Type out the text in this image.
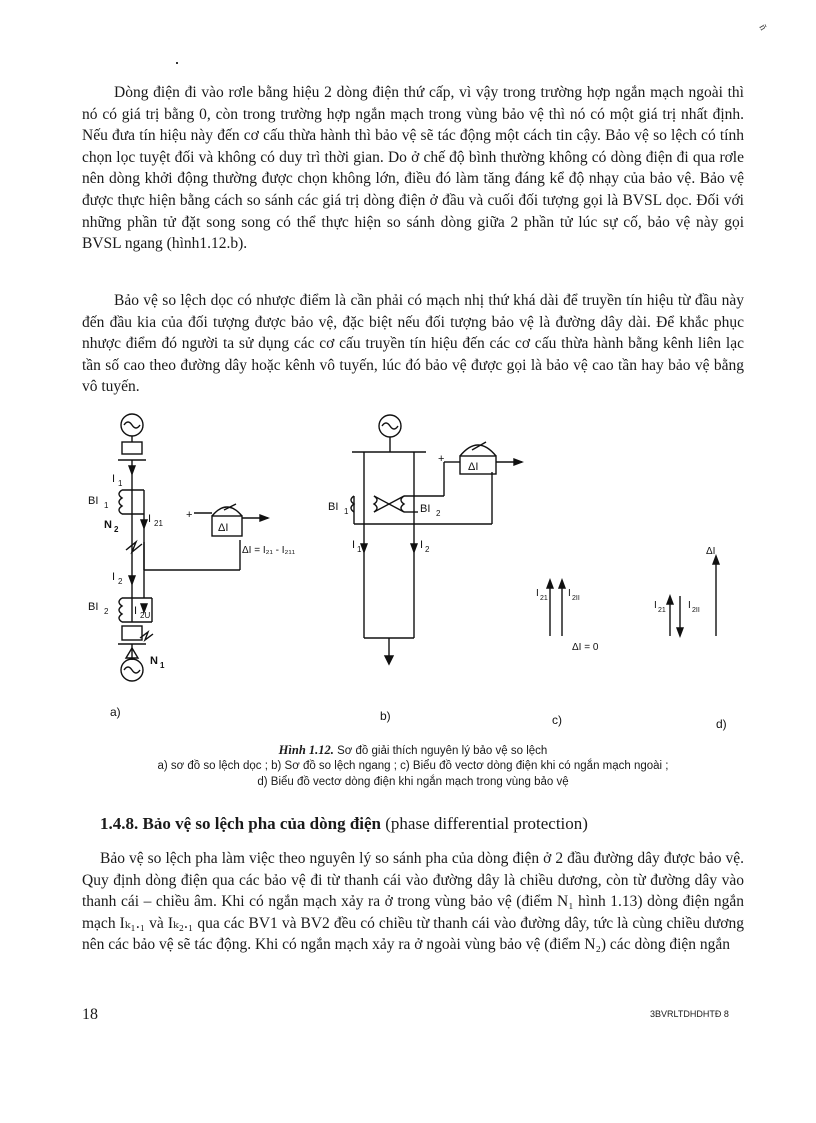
ñ

Dòng điện đi vào rơle bằng hiệu 2 dòng điện thứ cấp, vì vậy trong trường hợp ngắn mạch ngoài thì nó có giá trị bằng 0, còn trong trường hợp ngắn mạch trong vùng bảo vệ thì nó có một giá trị nhất định. Nếu đưa tín hiệu này đến cơ cấu thừa hành thì bảo vệ sẽ tác động một cách tin cậy. Bảo vệ so lệch có tính chọn lọc tuyệt đối và không có duy trì thời gian. Do ở chế độ bình thường không có dòng điện đi qua rơle nên dòng khởi động thường được chọn không lớn, điều đó làm tăng đáng kể độ nhạy của bảo vệ. Bảo vệ được thực hiện bằng cách so sánh các giá trị dòng điện ở đầu và cuối đối tượng gọi là BVSL dọc. Đối với những phần tử đặt song song có thể thực hiện so sánh dòng giữa 2 phần tử lúc sự cố, bảo vệ này gọi BVSL ngang (hình1.12.b).

Bảo vệ so lệch dọc có nhược điểm là cần phải có mạch nhị thứ khá dài để truyền tín hiệu từ đầu này đến đầu kia của đối tượng được bảo vệ, đặc biệt nếu đối tượng bảo vệ là đường dây dài. Để khắc phục nhược điểm đó người ta sử dụng các cơ cấu truyền tín hiệu đến các cơ cấu thừa hành bằng kênh liên lạc tần số cao theo đường dây hoặc kênh vô tuyến, lúc đó bảo vệ được gọi là bảo vệ cao tần hay bảo vệ bằng vô tuyến.

I 1
BI 1
N 2
I 21
+
ΔI
ΔI = I₂₁ - I₂₁₁
I 2
BI 2 I 2U
N 1
+
ΔI
BI 1	BI 2
I 1	I 2
I 21 I 2II
ΔI = 0
ΔI
I 21 I 2II
a)	b)	c)	d)
Hình 1.12. Sơ đồ giải thích nguyên lý bảo vệ so lệch
a) sơ đồ so lệch dọc ; b) Sơ đồ so lệch ngang ; c) Biểu đồ vectơ dòng điện khi có ngắn mạch ngoài ;
d) Biểu đồ vectơ dòng điện khi ngắn mạch trong vùng bảo vệ
1.4.8. Bảo vệ so lệch pha của dòng điện (phase differential protection)

Bảo vệ so lệch pha làm việc theo nguyên lý so sánh pha của dòng điện ở 2 đầu đường dây được bảo vệ. Quy định dòng điện qua các bảo vệ đi từ thanh cái vào đường dây là chiều dương, còn từ đường dây vào thanh cái – chiều âm. Khi có ngắn mạch xảy ra ở trong vùng bảo vệ (điểm N₁ hình 1.13) dòng điện ngắn mạch Iₖ₁.₁ và Iₖ₂.₁ qua các BV1 và BV2 đều có chiều từ thanh cái vào đường dây, tức là cùng chiều dương nên các bảo vệ sẽ tác động. Khi có ngắn mạch xảy ra ở ngoài vùng bảo vệ (điểm N₂) các dòng điện ngắn

18	3BVRLTDHDHTĐ 8
